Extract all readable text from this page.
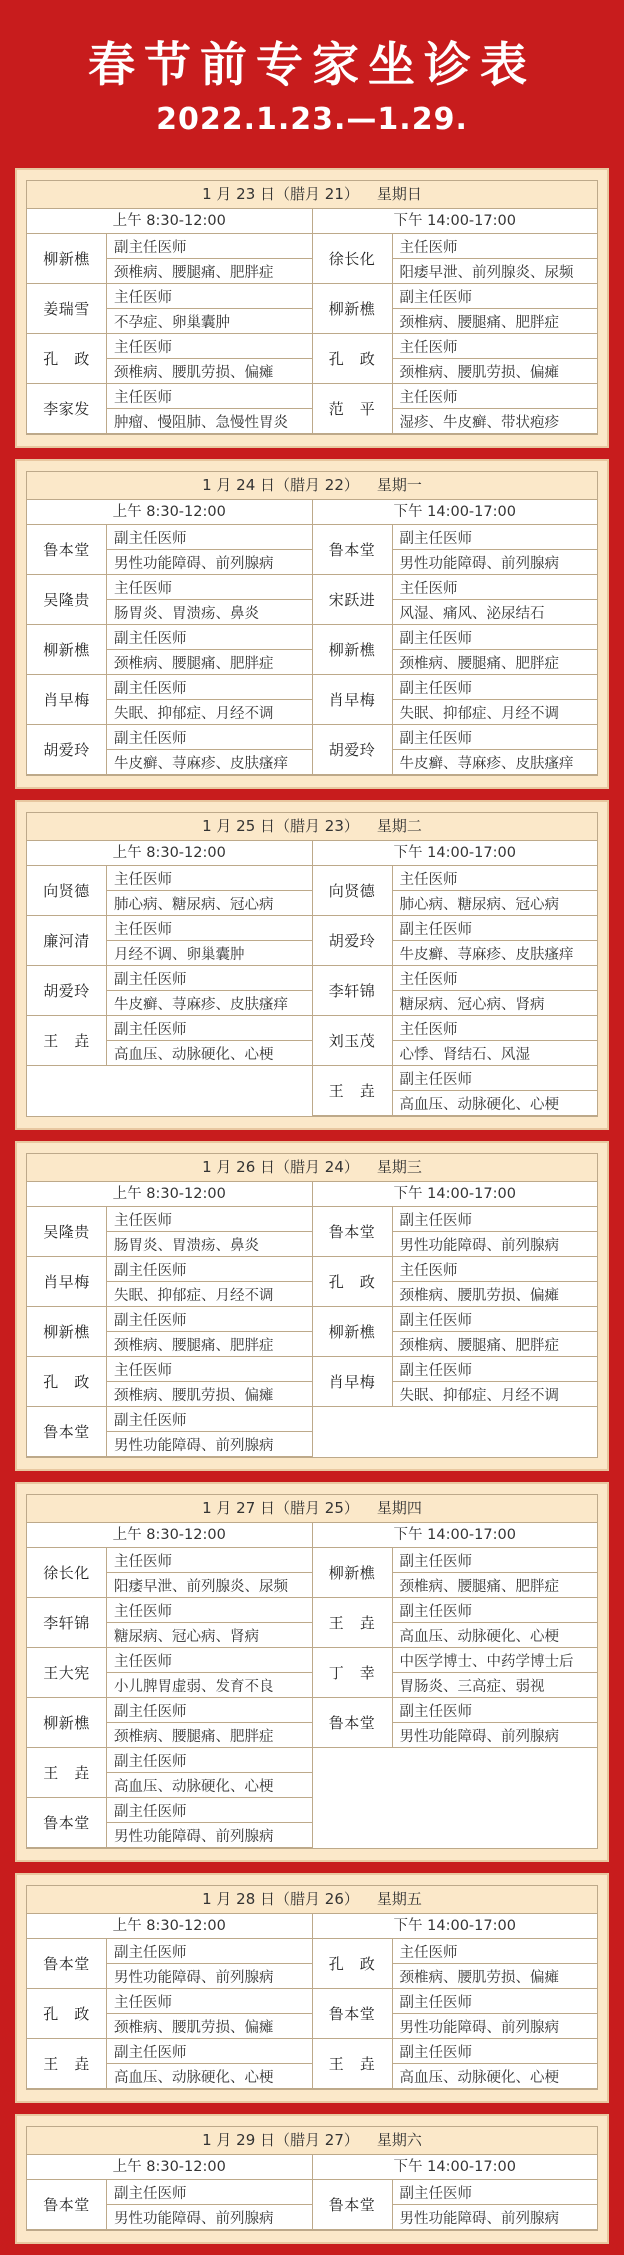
春节前专家坐诊表
2022.1.23.—1.29.
1 月 23 日（腊月 21） 星期日
上午 8:30-12:00
柳新樵
副主任医师
颈椎病、腰腿痛、肥胖症
姜瑞雪
主任医师
不孕症、卵巢囊肿
孔　政
主任医师
颈椎病、腰肌劳损、偏瘫
李家发
主任医师
肿瘤、慢阻肺、急慢性胃炎
下午 14:00-17:00
徐长化
主任医师
阳痿早泄、前列腺炎、尿频
柳新樵
副主任医师
颈椎病、腰腿痛、肥胖症
孔　政
主任医师
颈椎病、腰肌劳损、偏瘫
范　平
主任医师
湿疹、牛皮癣、带状疱疹
1 月 24 日（腊月 22） 星期一
上午 8:30-12:00
鲁本堂
副主任医师
男性功能障碍、前列腺病
吴隆贵
主任医师
肠胃炎、胃溃疡、鼻炎
柳新樵
副主任医师
颈椎病、腰腿痛、肥胖症
肖早梅
副主任医师
失眠、抑郁症、月经不调
胡爱玲
副主任医师
牛皮癣、荨麻疹、皮肤瘙痒
下午 14:00-17:00
鲁本堂
副主任医师
男性功能障碍、前列腺病
宋跃进
主任医师
风湿、痛风、泌尿结石
柳新樵
副主任医师
颈椎病、腰腿痛、肥胖症
肖早梅
副主任医师
失眠、抑郁症、月经不调
胡爱玲
副主任医师
牛皮癣、荨麻疹、皮肤瘙痒
1 月 25 日（腊月 23） 星期二
上午 8:30-12:00
向贤德
主任医师
肺心病、糖尿病、冠心病
廉河清
主任医师
月经不调、卵巢囊肿
胡爱玲
副主任医师
牛皮癣、荨麻疹、皮肤瘙痒
王　垚
副主任医师
高血压、动脉硬化、心梗
下午 14:00-17:00
向贤德
主任医师
肺心病、糖尿病、冠心病
胡爱玲
副主任医师
牛皮癣、荨麻疹、皮肤瘙痒
李轩锦
主任医师
糖尿病、冠心病、肾病
刘玉茂
主任医师
心悸、肾结石、风湿
王　垚
副主任医师
高血压、动脉硬化、心梗
1 月 26 日（腊月 24） 星期三
上午 8:30-12:00
吴隆贵
主任医师
肠胃炎、胃溃疡、鼻炎
肖早梅
副主任医师
失眠、抑郁症、月经不调
柳新樵
副主任医师
颈椎病、腰腿痛、肥胖症
孔　政
主任医师
颈椎病、腰肌劳损、偏瘫
鲁本堂
副主任医师
男性功能障碍、前列腺病
下午 14:00-17:00
鲁本堂
副主任医师
男性功能障碍、前列腺病
孔　政
主任医师
颈椎病、腰肌劳损、偏瘫
柳新樵
副主任医师
颈椎病、腰腿痛、肥胖症
肖早梅
副主任医师
失眠、抑郁症、月经不调
1 月 27 日（腊月 25） 星期四
上午 8:30-12:00
徐长化
主任医师
阳痿早泄、前列腺炎、尿频
李轩锦
主任医师
糖尿病、冠心病、肾病
王大宪
主任医师
小儿脾胃虚弱、发育不良
柳新樵
副主任医师
颈椎病、腰腿痛、肥胖症
王　垚
副主任医师
高血压、动脉硬化、心梗
鲁本堂
副主任医师
男性功能障碍、前列腺病
下午 14:00-17:00
柳新樵
副主任医师
颈椎病、腰腿痛、肥胖症
王　垚
副主任医师
高血压、动脉硬化、心梗
丁　幸
中医学博士、中药学博士后
胃肠炎、三高症、弱视
鲁本堂
副主任医师
男性功能障碍、前列腺病
1 月 28 日（腊月 26） 星期五
上午 8:30-12:00
鲁本堂
副主任医师
男性功能障碍、前列腺病
孔　政
主任医师
颈椎病、腰肌劳损、偏瘫
王　垚
副主任医师
高血压、动脉硬化、心梗
下午 14:00-17:00
孔　政
主任医师
颈椎病、腰肌劳损、偏瘫
鲁本堂
副主任医师
男性功能障碍、前列腺病
王　垚
副主任医师
高血压、动脉硬化、心梗
1 月 29 日（腊月 27） 星期六
上午 8:30-12:00
鲁本堂
副主任医师
男性功能障碍、前列腺病
下午 14:00-17:00
鲁本堂
副主任医师
男性功能障碍、前列腺病
